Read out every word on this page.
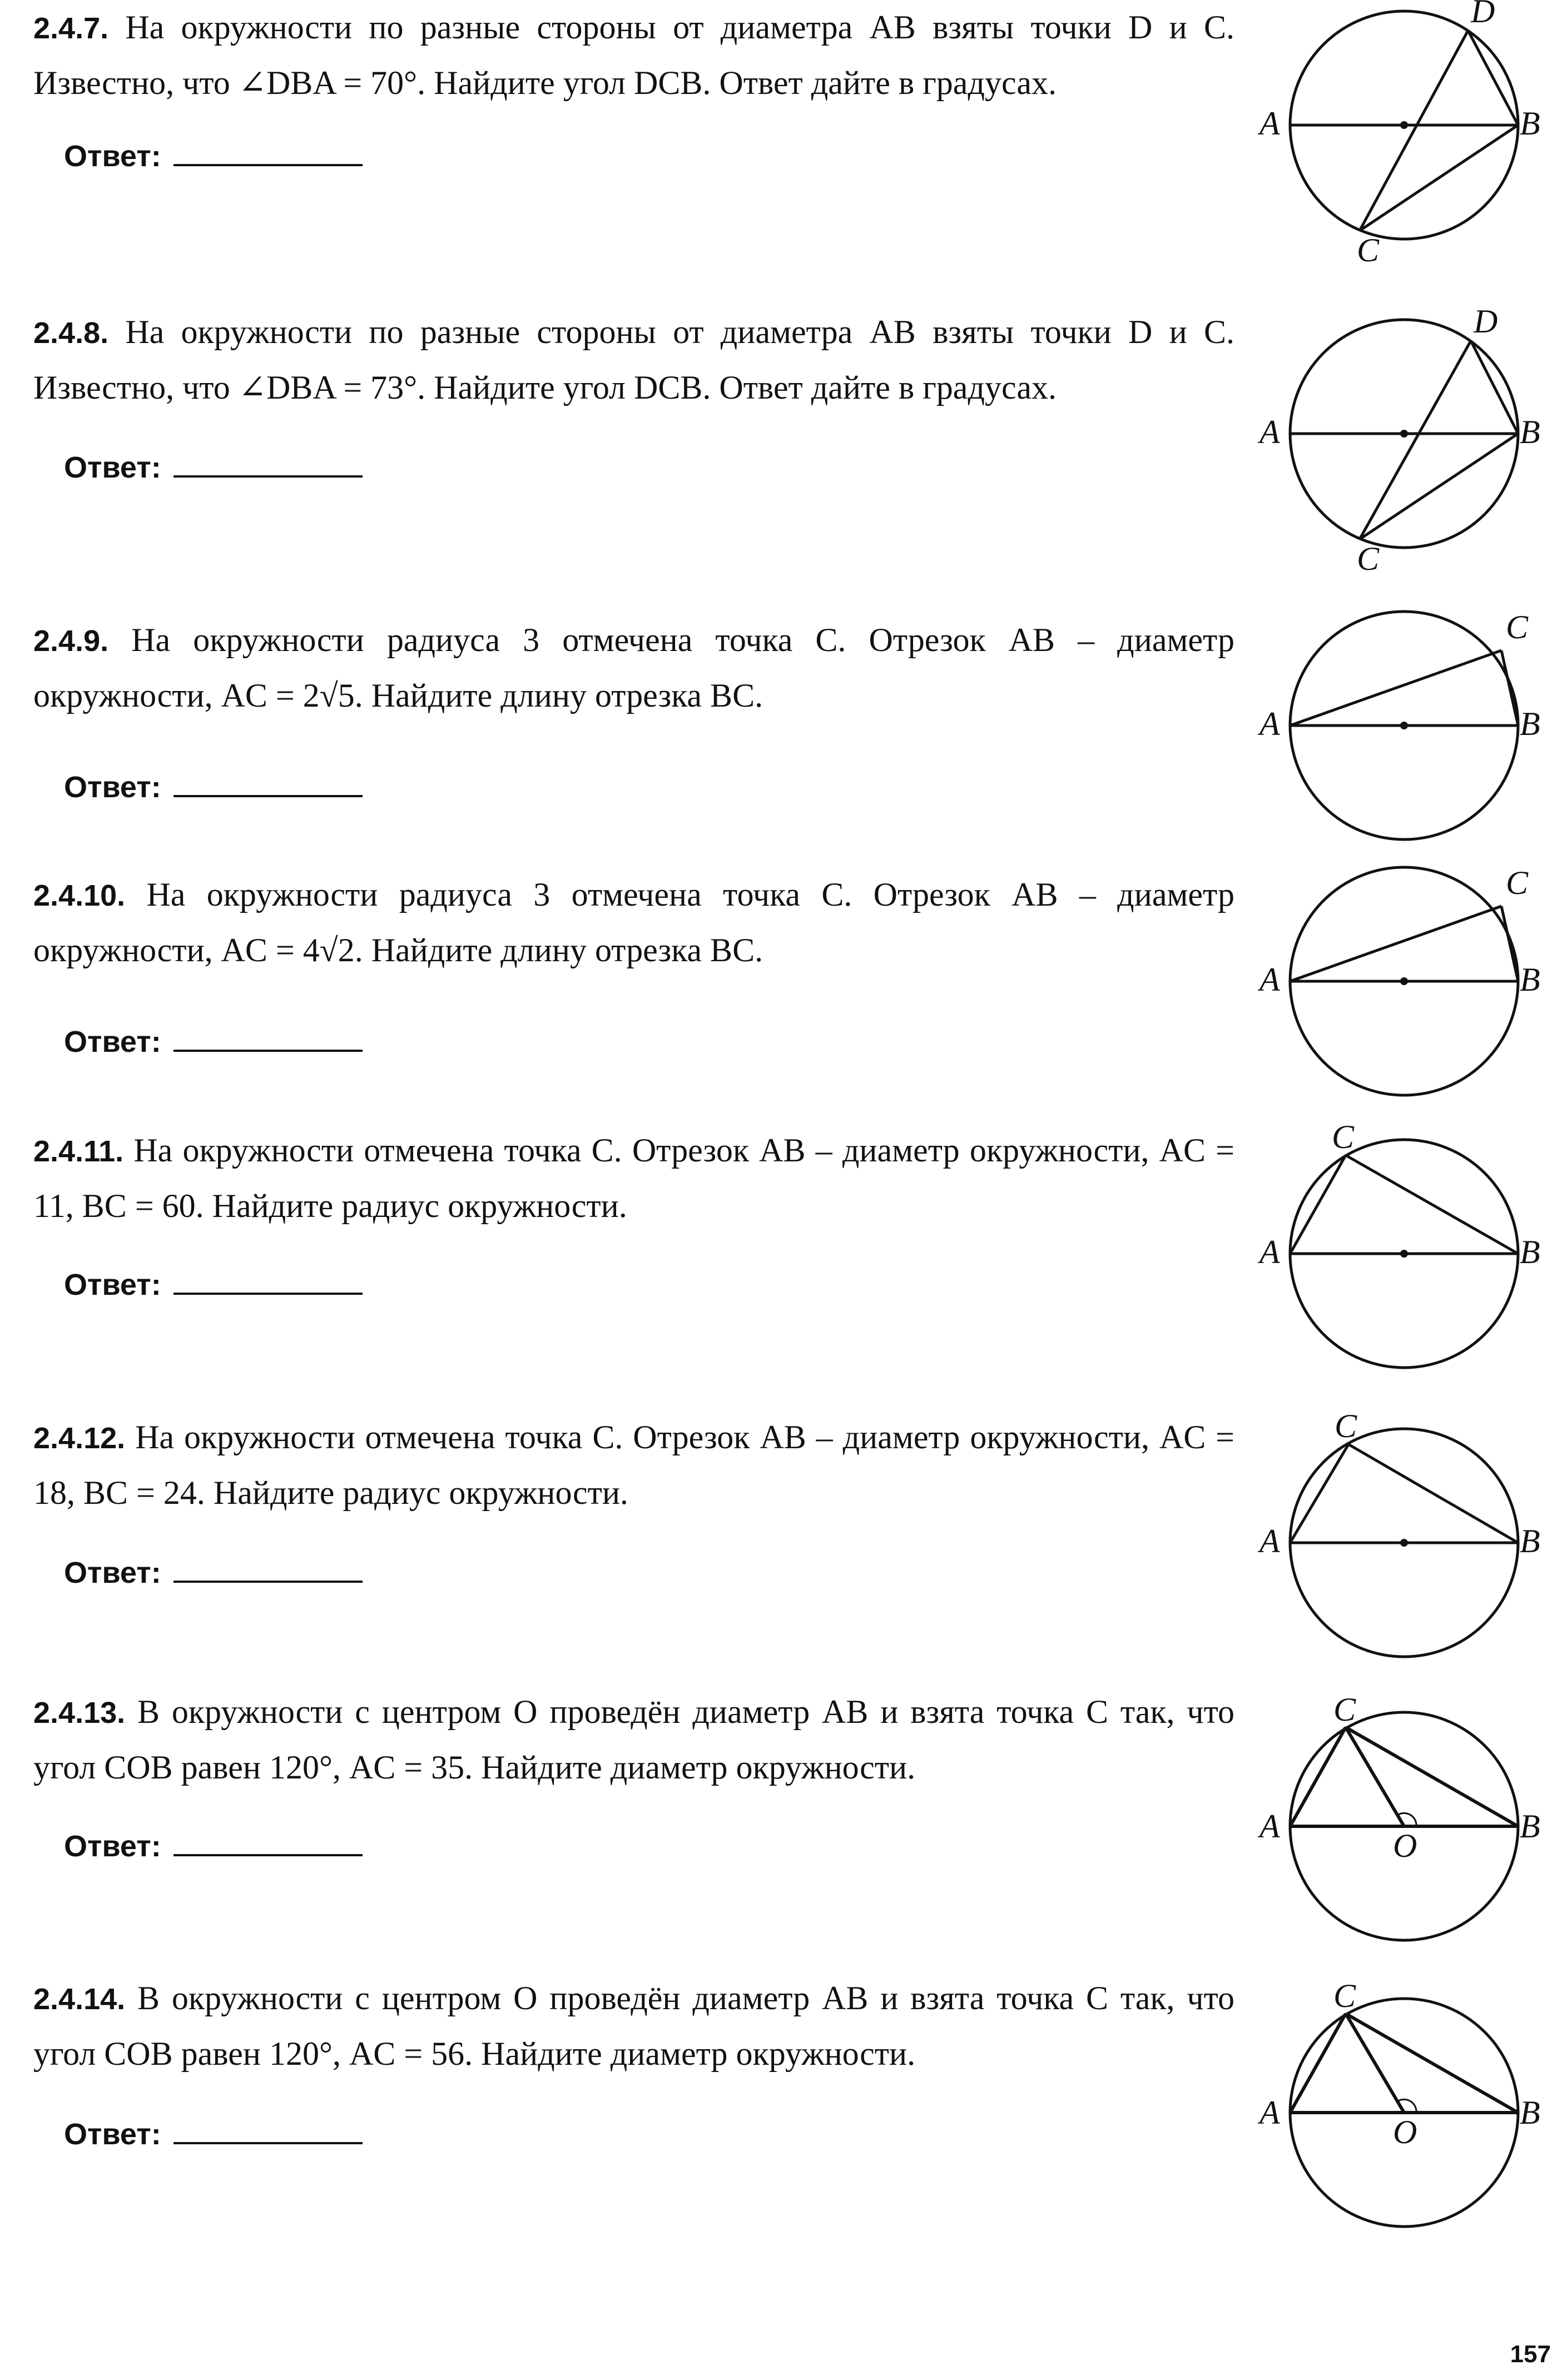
2.4.7. На окружности по разные стороны от диаметра AB взяты точки D и C. Известно, что ∠DBA = 70°. Найдите угол DCB. Ответ дайте в градусах.

Ответ:
A	B
D
C

2.4.8. На окружности по разные стороны от диаметра AB взяты точки D и C. Известно, что ∠DBA = 73°. Найдите угол DCB. Ответ дайте в градусах.

Ответ:
A	B
D
C

2.4.9. На окружности радиуса 3 отмечена точка C. Отрезок AB – диаметр окружности, AC = 2√5. Найдите длину отрезка BC.

Ответ:
A	B
C

2.4.10. На окружности радиуса 3 отмечена точка C. Отрезок AB – диаметр окружности, AC = 4√2. Найдите длину отрезка BC.

Ответ:
A	B
C

2.4.11. На окружности отмечена точка C. Отрезок AB – диаметр окружности, AC = 11, BC = 60. Найдите радиус окружности.

Ответ:
A	B
C

2.4.12. На окружности отмечена точка C. Отрезок AB – диаметр окружности, AC = 18, BC = 24. Найдите радиус окружности.

Ответ:
A	B
C

2.4.13. В окружности с центром O проведён диаметр AB и взята точка C так, что угол COB равен 120°, AC = 35. Найдите диаметр окружности.

Ответ:
A	B
C
O

2.4.14. В окружности с центром O проведён диаметр AB и взята точка C так, что угол COB равен 120°, AC = 56. Найдите диаметр окружности.

Ответ:
A	B
C
O
157
